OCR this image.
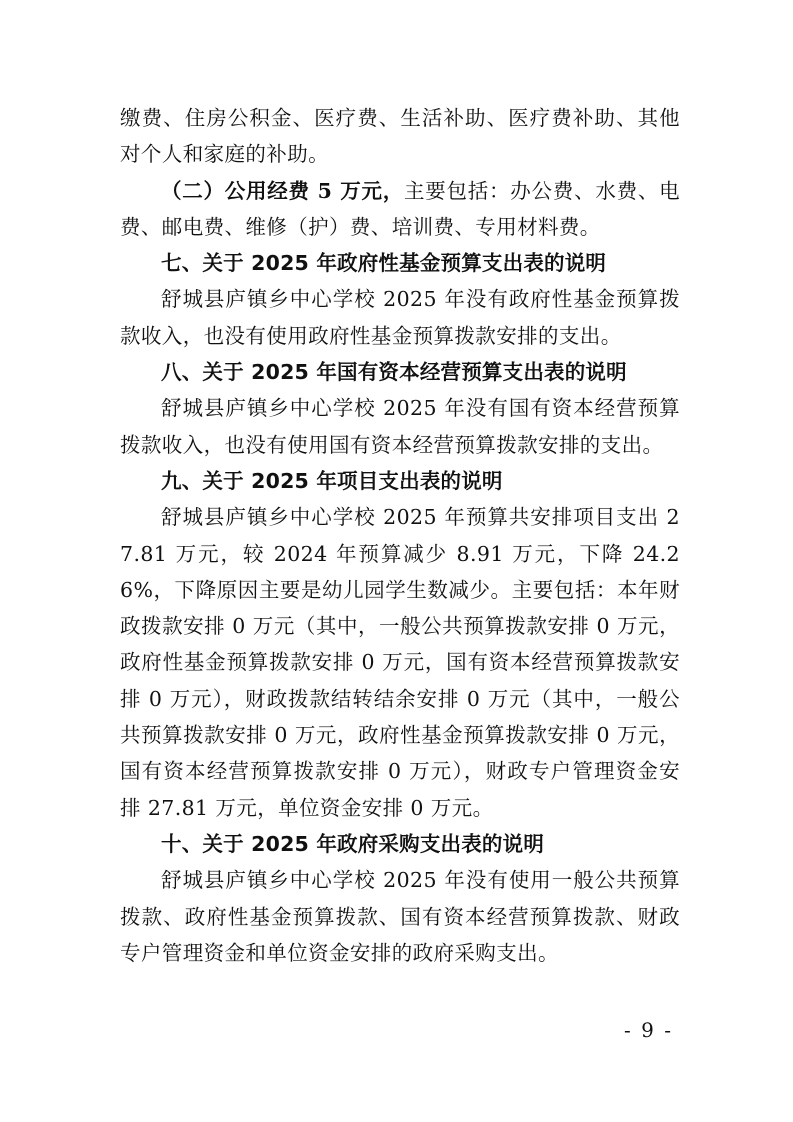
缴费、住房公积金、医疗费、生活补助、医疗费补助、其他对个人和家庭的补助。

（二）公用经费 5 万元，主要包括：办公费、水费、电费、邮电费、维修（护）费、培训费、专用材料费。

七、关于 2025 年政府性基金预算支出表的说明

舒城县庐镇乡中心学校 2025 年没有政府性基金预算拨款收入，也没有使用政府性基金预算拨款安排的支出。

八、关于 2025 年国有资本经营预算支出表的说明

舒城县庐镇乡中心学校 2025 年没有国有资本经营预算拨款收入，也没有使用国有资本经营预算拨款安排的支出。

九、关于 2025 年项目支出表的说明

舒城县庐镇乡中心学校 2025 年预算共安排项目支出 27.81 万元，较 2024 年预算减少 8.91 万元，下降 24.26%，下降原因主要是幼儿园学生数减少。主要包括：本年财政拨款安排 0 万元（其中，一般公共预算拨款安排 0 万元，政府性基金预算拨款安排 0 万元，国有资本经营预算拨款安排 0 万元），财政拨款结转结余安排 0 万元（其中，一般公共预算拨款安排 0 万元，政府性基金预算拨款安排 0 万元，国有资本经营预算拨款安排 0 万元），财政专户管理资金安排 27.81 万元，单位资金安排 0 万元。

十、关于 2025 年政府采购支出表的说明

舒城县庐镇乡中心学校 2025 年没有使用一般公共预算拨款、政府性基金预算拨款、国有资本经营预算拨款、财政专户管理资金和单位资金安排的政府采购支出。

- 9 -
